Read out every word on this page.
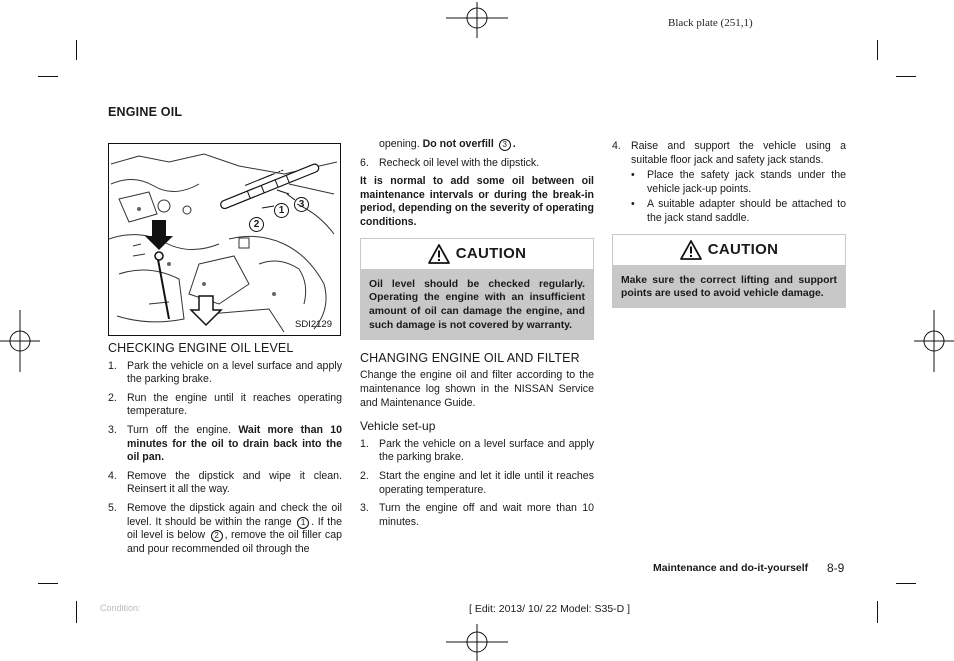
Black plate (251,1)
ENGINE OIL
1
2
3
SDI2129
CHECKING ENGINE OIL LEVEL
1. Park the vehicle on a level surface and apply the parking brake.
2. Run the engine until it reaches operating temperature.
3. Turn off the engine. Wait more than 10 minutes for the oil to drain back into the oil pan.
4. Remove the dipstick and wipe it clean. Reinsert it all the way.
5. Remove the dipstick again and check the oil level. It should be within the range 1 . If the oil level is below 2 , remove the oil filler cap and pour recommended oil through the
opening. Do not overfill 3 .
6. Recheck oil level with the dipstick.
It is normal to add some oil between oil maintenance intervals or during the break-in period, depending on the severity of operating conditions.
CAUTION
Oil level should be checked regularly. Operating the engine with an insufficient amount of oil can damage the engine, and such damage is not covered by warranty.
CHANGING ENGINE OIL AND FILTER
Change the engine oil and filter according to the maintenance log shown in the NISSAN Service and Maintenance Guide.
Vehicle set-up
1. Park the vehicle on a level surface and apply the parking brake.
2. Start the engine and let it idle until it reaches operating temperature.
3. Turn the engine off and wait more than 10 minutes.
4. Raise and support the vehicle using a suitable floor jack and safety jack stands.
• Place the safety jack stands under the vehicle jack-up points.
• A suitable adapter should be attached to the jack stand saddle.
CAUTION
Make sure the correct lifting and support points are used to avoid vehicle damage.
Maintenance and do-it-yourself 8-9
Condition:	[ Edit: 2013/ 10/ 22 Model: S35-D ]
